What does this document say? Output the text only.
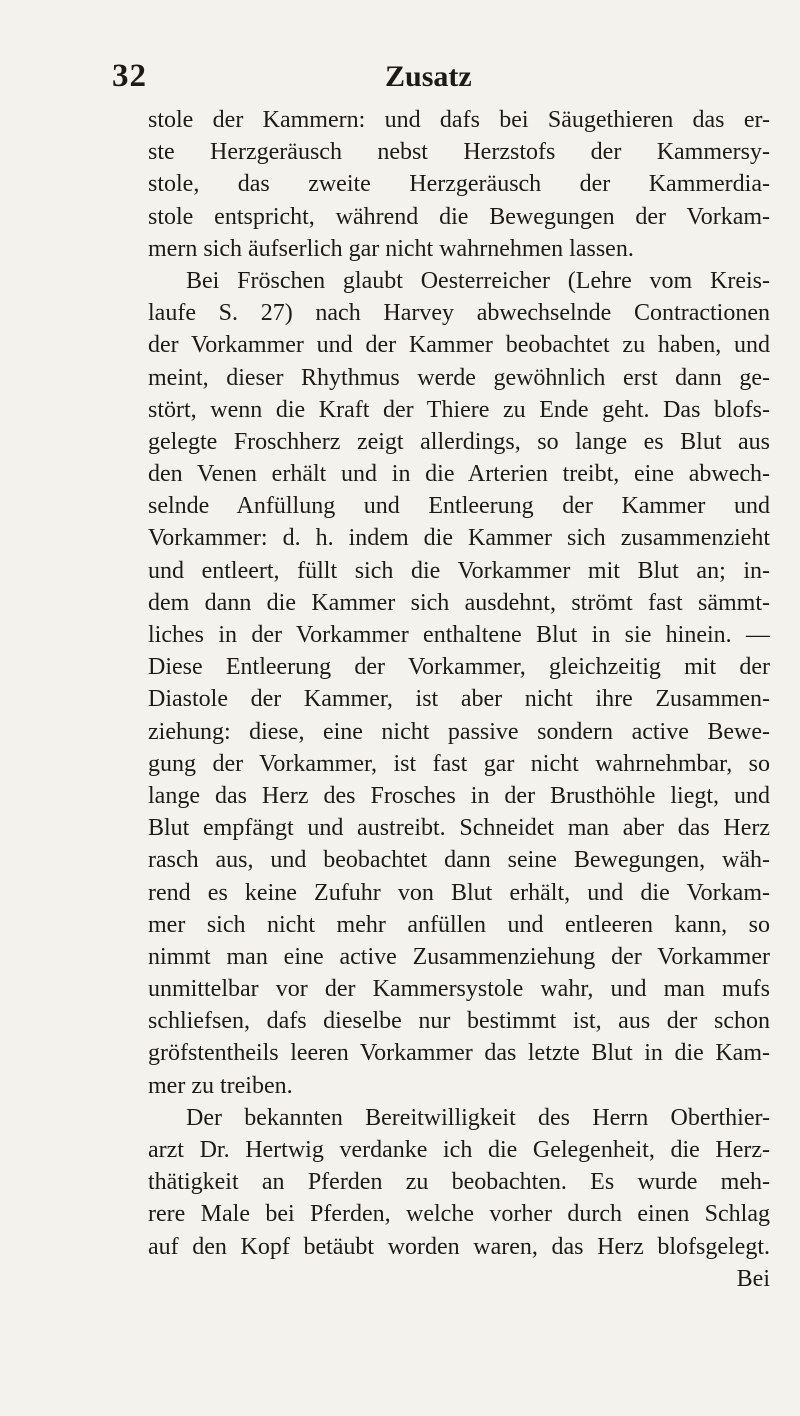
32	Zusatz
stole der Kammern: und dafs bei Säugethieren das er-
ste Herzgeräusch nebst Herzstofs der Kammersy-
stole, das zweite Herzgeräusch der Kammerdia-
stole entspricht, während die Bewegungen der Vorkam-
mern sich äufserlich gar nicht wahrnehmen lassen.
Bei Fröschen glaubt Oesterreicher (Lehre vom Kreis-
laufe S. 27) nach Harvey abwechselnde Contractionen
der Vorkammer und der Kammer beobachtet zu haben, und
meint, dieser Rhythmus werde gewöhnlich erst dann ge-
stört, wenn die Kraft der Thiere zu Ende geht. Das blofs-
gelegte Froschherz zeigt allerdings, so lange es Blut aus
den Venen erhält und in die Arterien treibt, eine abwech-
selnde Anfüllung und Entleerung der Kammer und
Vorkammer: d. h. indem die Kammer sich zusammenzieht
und entleert, füllt sich die Vorkammer mit Blut an; in-
dem dann die Kammer sich ausdehnt, strömt fast sämmt-
liches in der Vorkammer enthaltene Blut in sie hinein. —
Diese Entleerung der Vorkammer, gleichzeitig mit der
Diastole der Kammer, ist aber nicht ihre Zusammen-
ziehung: diese, eine nicht passive sondern active Bewe-
gung der Vorkammer, ist fast gar nicht wahrnehmbar, so
lange das Herz des Frosches in der Brusthöhle liegt, und
Blut empfängt und austreibt. Schneidet man aber das Herz
rasch aus, und beobachtet dann seine Bewegungen, wäh-
rend es keine Zufuhr von Blut erhält, und die Vorkam-
mer sich nicht mehr anfüllen und entleeren kann, so
nimmt man eine active Zusammenziehung der Vorkammer
unmittelbar vor der Kammersystole wahr, und man mufs
schliefsen, dafs dieselbe nur bestimmt ist, aus der schon
gröfstentheils leeren Vorkammer das letzte Blut in die Kam-
mer zu treiben.
Der bekannten Bereitwilligkeit des Herrn Oberthier-
arzt Dr. Hertwig verdanke ich die Gelegenheit, die Herz-
thätigkeit an Pferden zu beobachten. Es wurde meh-
rere Male bei Pferden, welche vorher durch einen Schlag
auf den Kopf betäubt worden waren, das Herz blofsgelegt.
Bei
